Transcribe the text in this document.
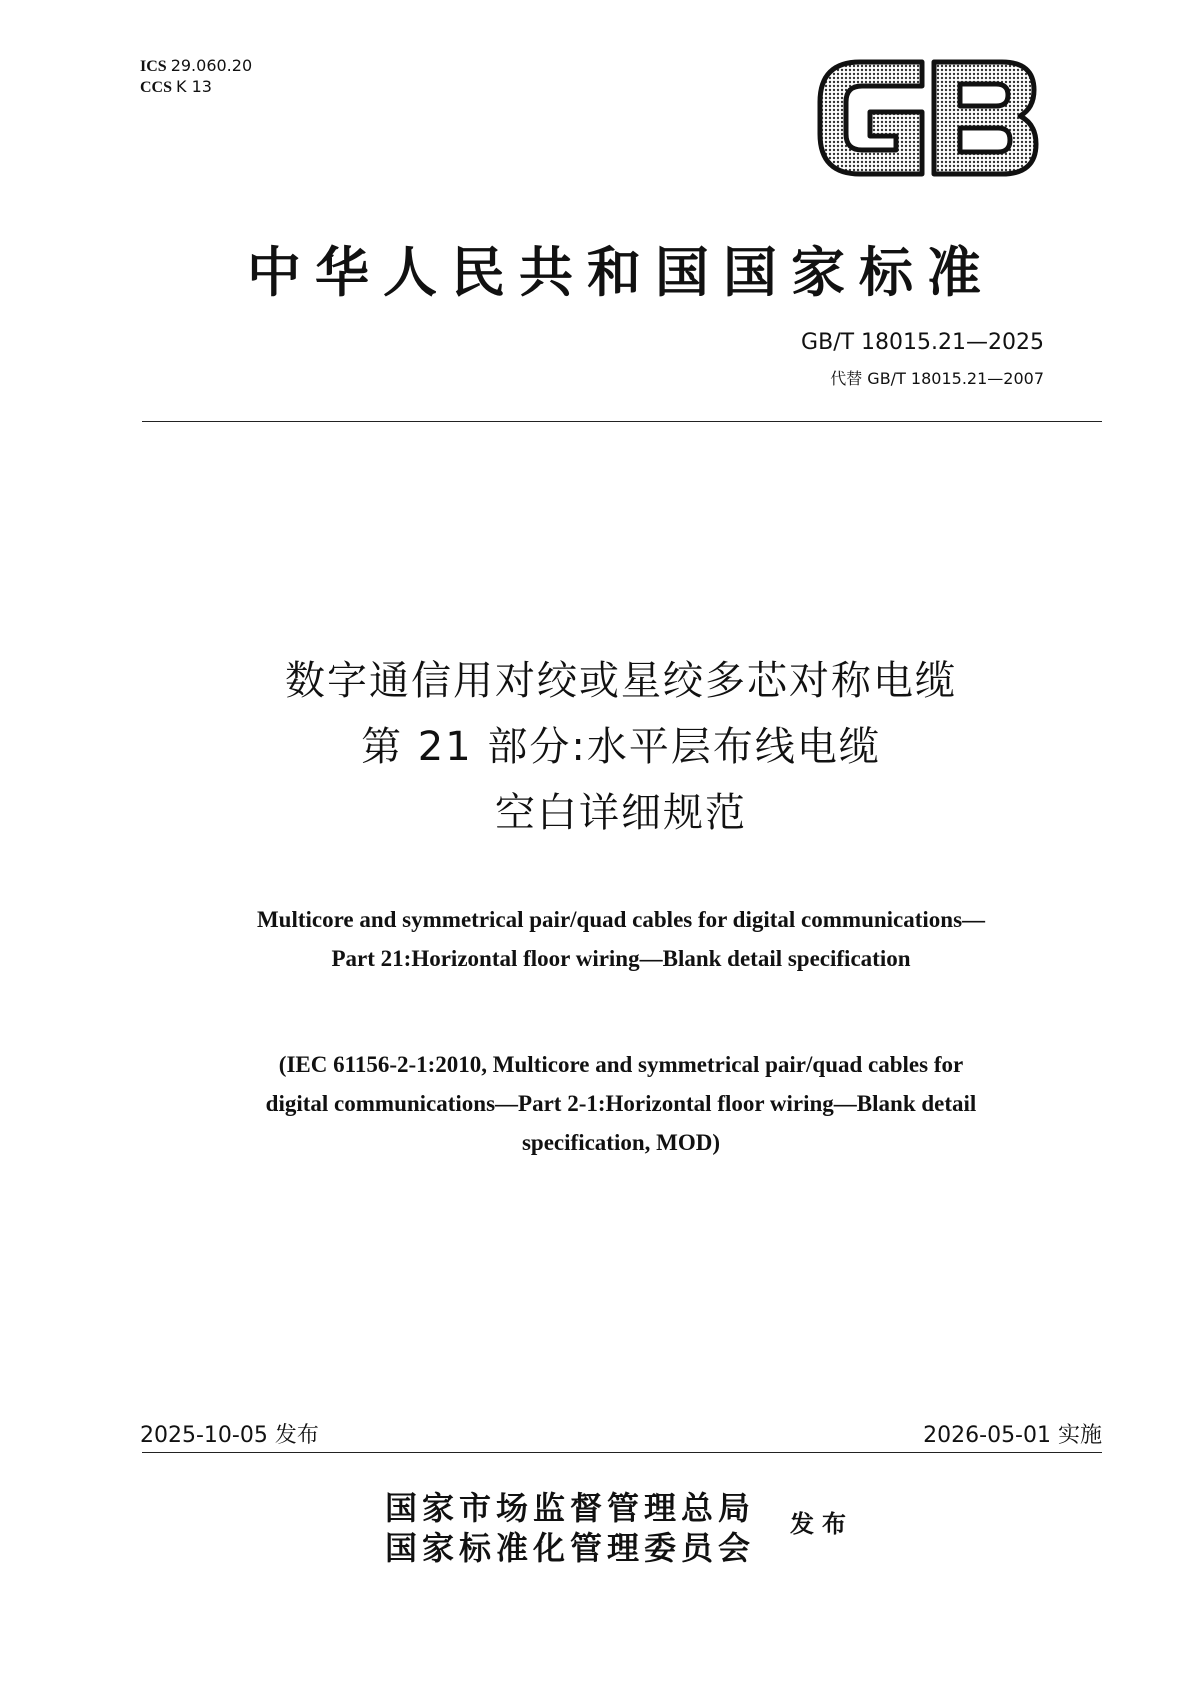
ICS 29.060.20
CCS K 13
中华人民共和国国家标准
GB/T 18015.21—2025
代替 GB/T 18015.21—2007
数字通信用对绞或星绞多芯对称电缆
第 21 部分:水平层布线电缆
空白详细规范
Multicore and symmetrical pair/quad cables for digital communications—
Part 21:Horizontal floor wiring—Blank detail specification
(IEC 61156-2-1:2010, Multicore and symmetrical pair/quad cables for
digital communications—Part 2-1:Horizontal floor wiring—Blank detail
specification, MOD)
2025-10-05 发布	2026-05-01 实施
国家市场监督管理总局
国家标准化管理委员会
发布
